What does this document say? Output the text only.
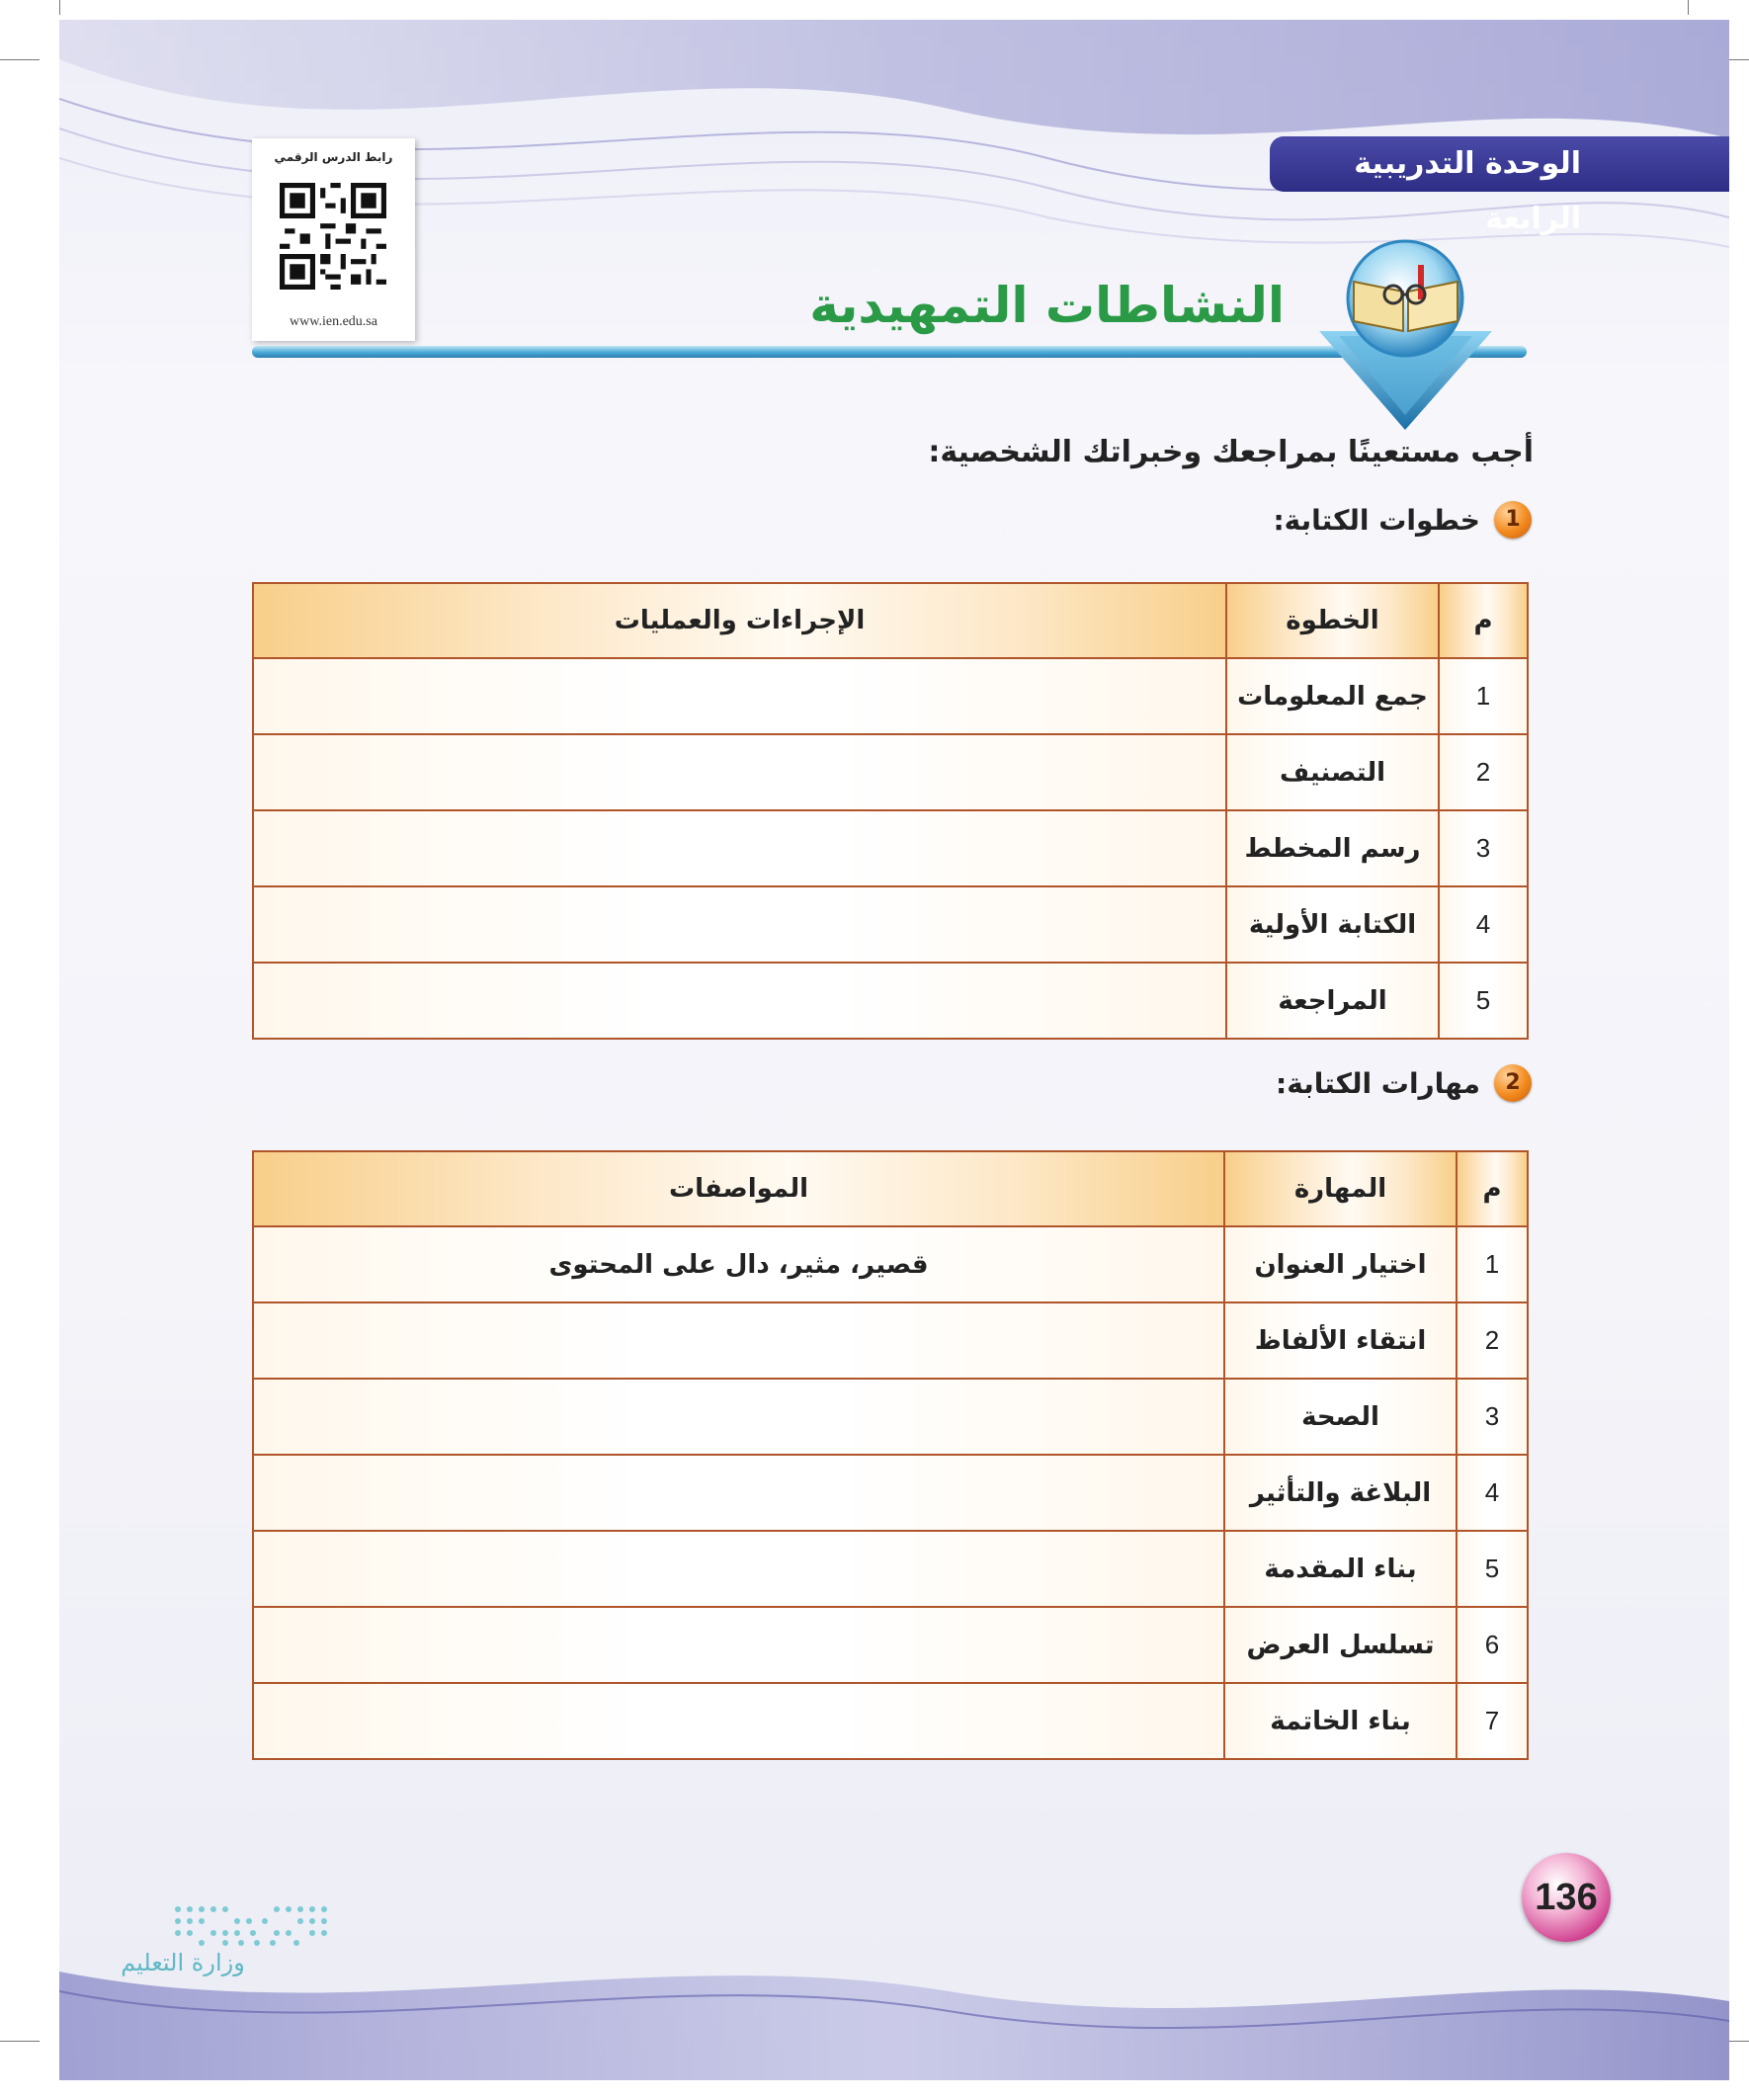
الوحدة التدريبية الرابعة
رابط الدرس الرقمي
www.ien.edu.sa	النشاطات التمهيدية
أجب مستعينًا بمراجعك وخبراتك الشخصية:
1
خطوات الكتابة:
م	الخطوة	الإجراءات والعمليات
1	جمع المعلومات	
2	التصنيف	
3	رسم المخطط	
4	الكتابة الأولية	
5	المراجعة	
2
مهارات الكتابة:
م	المهارة	المواصفات
1	اختيار العنوان	قصير، مثير، دال على المحتوى
2	انتقاء الألفاظ	
3	الصحة	
4	البلاغة والتأثير	
5	بناء المقدمة	
6	تسلسل العرض	
7	بناء الخاتمة	
136
وزارة التعليم
